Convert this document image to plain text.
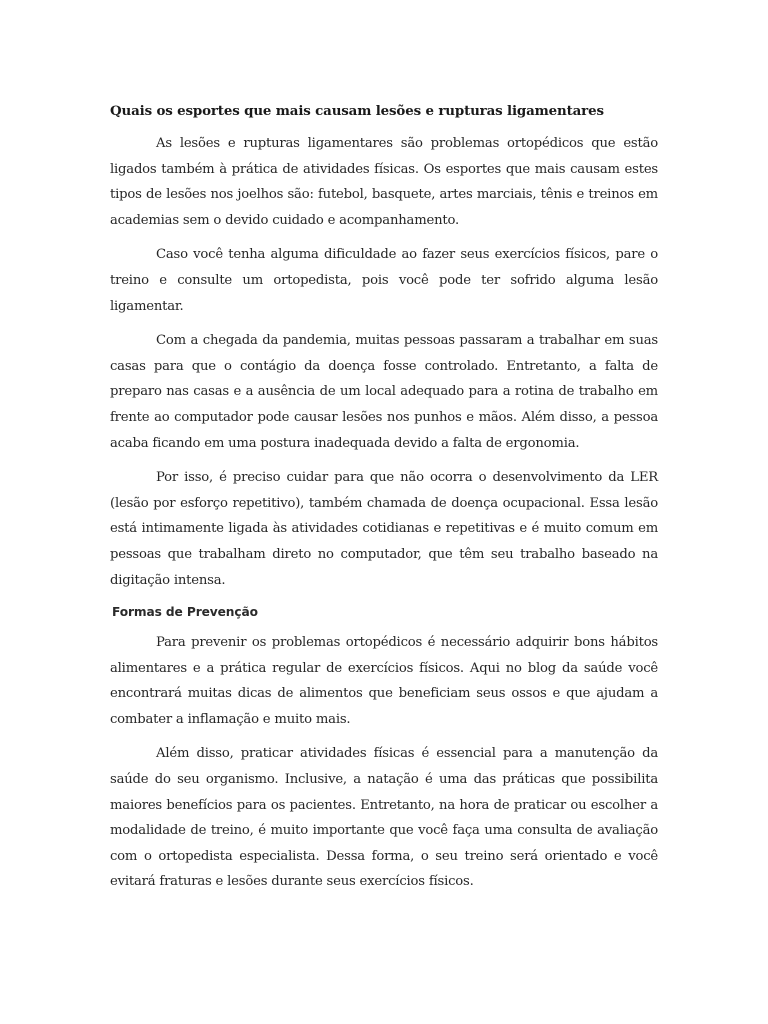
Quais os esportes que mais causam lesões e rupturas ligamentares

As lesões e rupturas ligamentares são problemas ortopédicos que estão ligados também à prática de atividades físicas. Os esportes que mais causam estes tipos de lesões nos joelhos são: futebol, basquete, artes marciais, tênis e treinos em academias sem o devido cuidado e acompanhamento.

Caso você tenha alguma dificuldade ao fazer seus exercícios físicos, pare o treino e consulte um ortopedista, pois você pode ter sofrido alguma lesão ligamentar.

Com a chegada da pandemia, muitas pessoas passaram a trabalhar em suas casas para que o contágio da doença fosse controlado. Entretanto, a falta de preparo nas casas e a ausência de um local adequado para a rotina de trabalho em frente ao computador pode causar lesões nos punhos e mãos. Além disso, a pessoa acaba ficando em uma postura inadequada devido a falta de ergonomia.

Por isso, é preciso cuidar para que não ocorra o desenvolvimento da LER (lesão por esforço repetitivo), também chamada de doença ocupacional. Essa lesão está intimamente ligada às atividades cotidianas e repetitivas e é muito comum em pessoas que trabalham direto no computador, que têm seu trabalho baseado na digitação intensa.

Formas de Prevenção

Para prevenir os problemas ortopédicos é necessário adquirir bons hábitos alimentares e a prática regular de exercícios físicos. Aqui no blog da saúde você encontrará muitas dicas de alimentos que beneficiam seus ossos e que ajudam a combater a inflamação e muito mais.

Além disso, praticar atividades físicas é essencial para a manutenção da saúde do seu organismo. Inclusive, a natação é uma das práticas que possibilita maiores benefícios para os pacientes. Entretanto, na hora de praticar ou escolher a modalidade de treino, é muito importante que você faça uma consulta de avaliação com o ortopedista especialista. Dessa forma, o seu treino será orientado e você evitará fraturas e lesões durante seus exercícios físicos.
